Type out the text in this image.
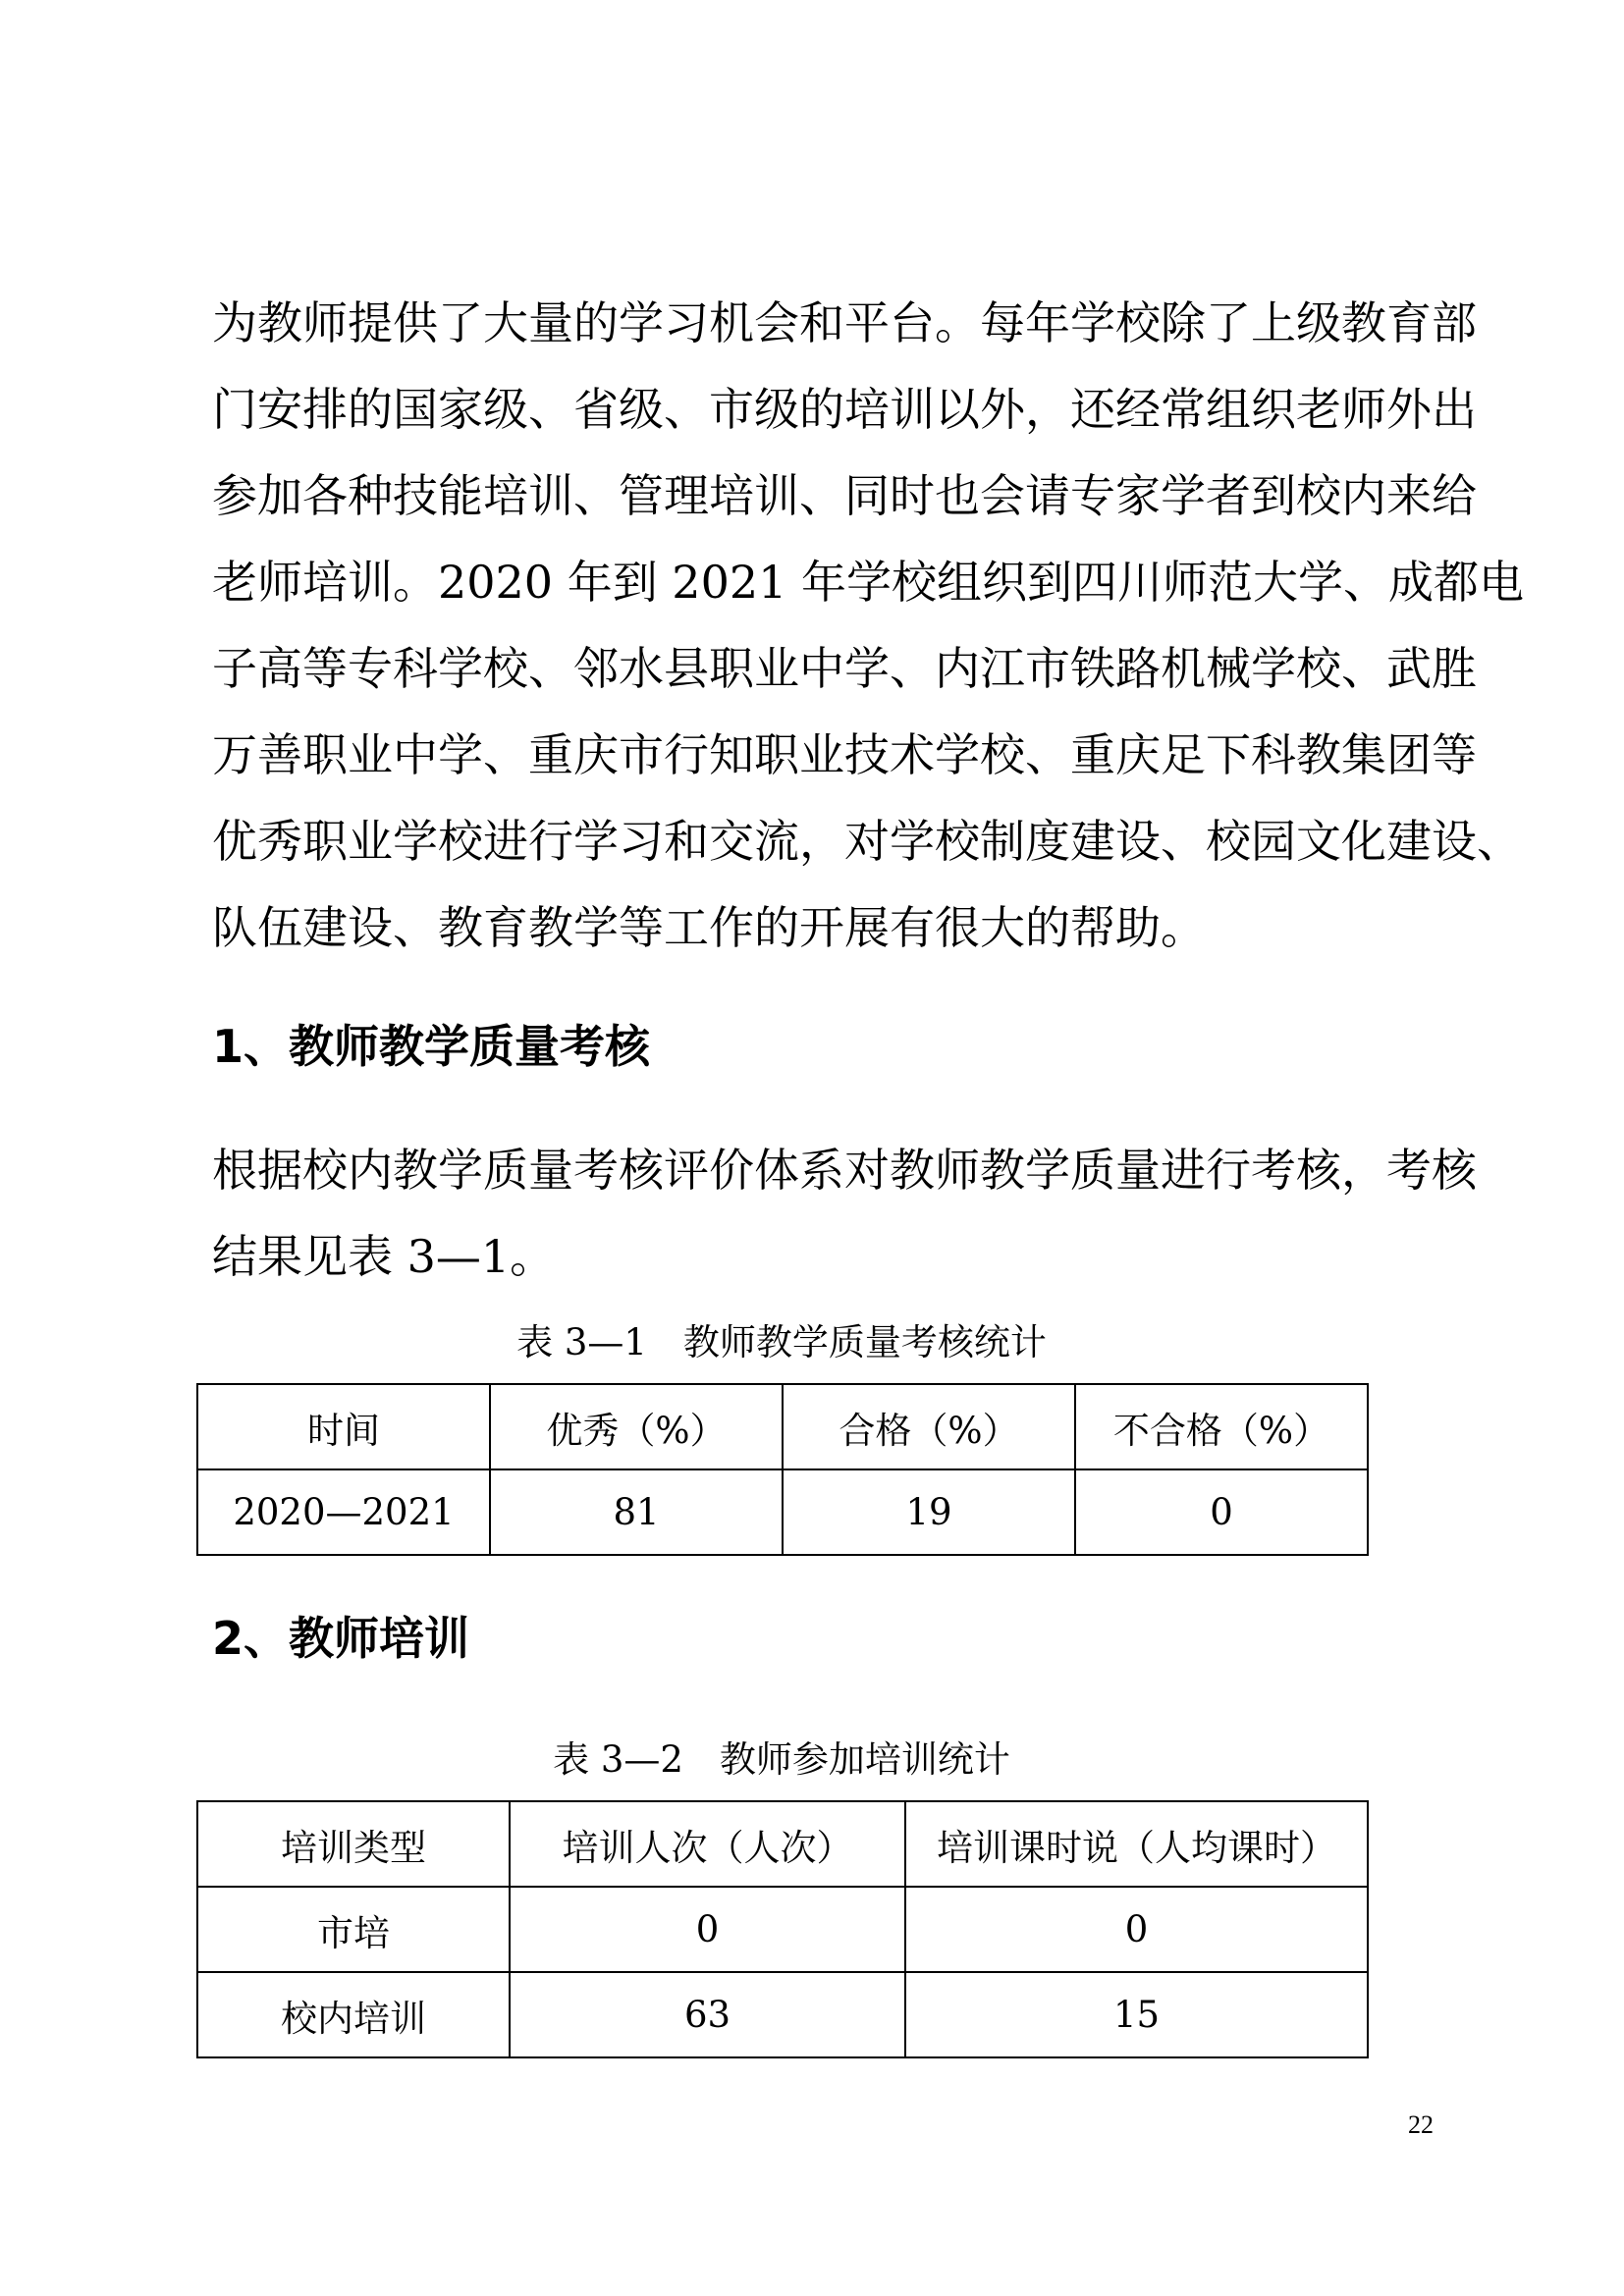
为教师提供了大量的学习机会和平台。每年学校除了上级教育部
门安排的国家级、省级、市级的培训以外，还经常组织老师外出
参加各种技能培训、管理培训、同时也会请专家学者到校内来给
老师培训。2020 年到 2021 年学校组织到四川师范大学、成都电
子高等专科学校、邻水县职业中学、内江市铁路机械学校、武胜
万善职业中学、重庆市行知职业技术学校、重庆足下科教集团等
优秀职业学校进行学习和交流，对学校制度建设、校园文化建设、
队伍建设、教育教学等工作的开展有很大的帮助。
1、教师教学质量考核
根据校内教学质量考核评价体系对教师教学质量进行考核，考核
结果见表 3—1。
表 3—1　教师教学质量考核统计
时间	优秀（%）	合格（%）	不合格（%）
2020—2021	81	19	0
2、教师培训
表 3—2　教师参加培训统计
培训类型	培训人次（人次）	培训课时说（人均课时）
市培	0	0
校内培训	63	15
22
